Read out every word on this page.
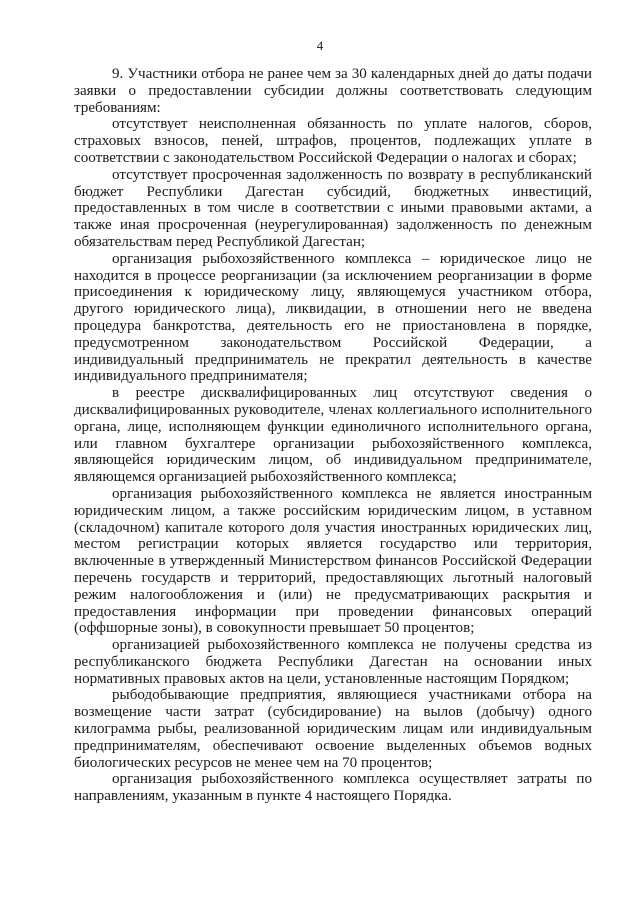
4

9. Участники отбора не ранее чем за 30 календарных дней до даты подачи заявки о предоставлении субсидии должны соответствовать следующим требованиям:

отсутствует неисполненная обязанность по уплате налогов, сборов, страховых взносов, пеней, штрафов, процентов, подлежащих уплате в соответствии с законодательством Российской Федерации о налогах и сборах;

отсутствует просроченная задолженность по возврату в республиканский бюджет Республики Дагестан субсидий, бюджетных инвестиций, предоставленных в том числе в соответствии с иными правовыми актами, а также иная просроченная (неурегулированная) задолженность по денежным обязательствам перед Республикой Дагестан;

организация рыбохозяйственного комплекса – юридическое лицо не находится в процессе реорганизации (за исключением реорганизации в форме присоединения к юридическому лицу, являющемуся участником отбора, другого юридического лица), ликвидации, в отношении него не введена процедура банкротства, деятельность его не приостановлена в порядке, предусмотренном законодательством Российской Федерации, а индивидуальный предприниматель не прекратил деятельность в качестве индивидуального предпринимателя;

в реестре дисквалифицированных лиц отсутствуют сведения о дисквалифицированных руководителе, членах коллегиального исполнительного органа, лице, исполняющем функции единоличного исполнительного органа, или главном бухгалтере организации рыбохозяйственного комплекса, являющейся юридическим лицом, об индивидуальном предпринимателе, являющемся организацией рыбохозяйственного комплекса;

организация рыбохозяйственного комплекса не является иностранным юридическим лицом, а также российским юридическим лицом, в уставном (складочном) капитале которого доля участия иностранных юридических лиц, местом регистрации которых является государство или территория, включенные в утвержденный Министерством финансов Российской Федерации перечень государств и территорий, предоставляющих льготный налоговый режим налогообложения и (или) не предусматривающих раскрытия и предоставления информации при проведении финансовых операций (оффшорные зоны), в совокупности превышает 50 процентов;

организацией рыбохозяйственного комплекса не получены средства из республиканского бюджета Республики Дагестан на основании иных нормативных правовых актов на цели, установленные настоящим Порядком;

рыбодобывающие предприятия, являющиеся участниками отбора на возмещение части затрат (субсидирование) на вылов (добычу) одного килограмма рыбы, реализованной юридическим лицам или индивидуальным предпринимателям, обеспечивают освоение выделенных объемов водных биологических ресурсов не менее чем на 70 процентов;

организация рыбохозяйственного комплекса осуществляет затраты по направлениям, указанным в пункте 4 настоящего Порядка.
